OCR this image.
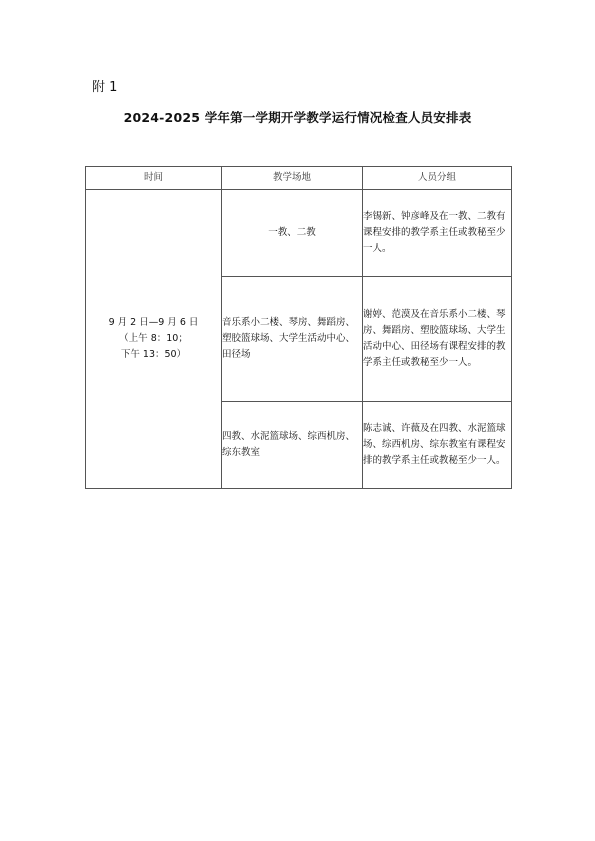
附 1
2024-2025 学年第一学期开学教学运行情况检查人员安排表
时间	教学场地	人员分组

9 月 2 日—9 月 6 日
（上午 8：10；
下午 13：50）	一教、二教	李锡新、钟彦峰及在一教、二教有课程安排的教学系主任或教秘至少一人。
	音乐系小二楼、琴房、舞蹈房、塑胶篮球场、大学生活动中心、田径场	谢婷、范漠及在音乐系小二楼、琴房、舞蹈房、塑胶篮球场、大学生活动中心、田径场有课程安排的教学系主任或教秘至少一人。
	四教、水泥篮球场、综西机房、综东教室	陈志诚、许薇及在四教、水泥篮球场、综西机房、综东教室有课程安排的教学系主任或教秘至少一人。
